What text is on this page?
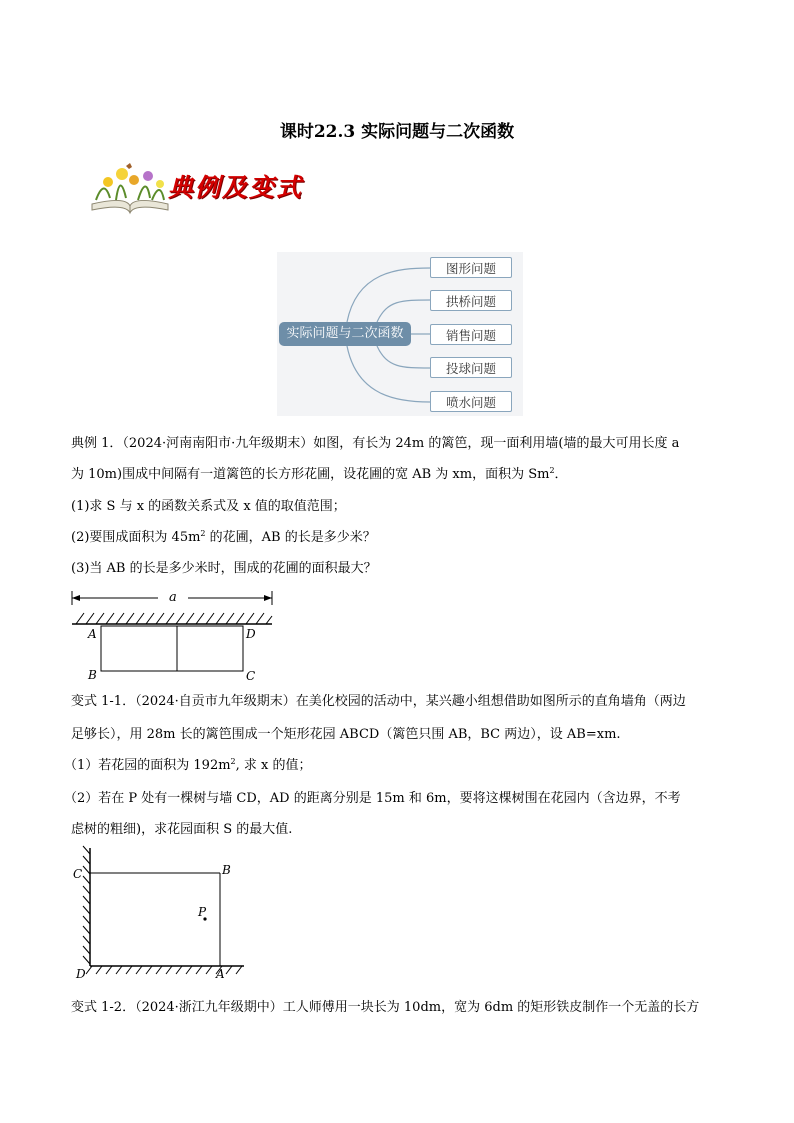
课时22.3 实际问题与二次函数
典例及变式
实际问题与二次函数
图形问题
拱桥问题
销售问题
投球问题
喷水问题
典例 1．（2024·河南南阳市·九年级期末）如图，有长为 24m 的篱笆，现一面利用墙(墙的最大可用长度 a
为 10m)围成中间隔有一道篱笆的长方形花圃，设花圃的宽 AB 为 xm，面积为 Sm$^2$．
(1)求 S 与 x 的函数关系式及 x 值的取值范围；
(2)要围成面积为 $45m^2$ 的花圃，AB 的长是多少米？
(3)当 AB 的长是多少米时，围成的花圃的面积最大？
a
A	D
B	C
变式 1-1．（2024·自贡市九年级期末）在美化校园的活动中，某兴趣小组想借助如图所示的直角墙角（两边
足够长），用 28m 长的篱笆围成一个矩形花园 ABCD（篱笆只围 AB，BC 两边），设 AB=xm.
（1）若花园的面积为 $192m^2$, 求 x 的值；
（2）若在 P 处有一棵树与墙 CD，AD 的距离分别是 15m 和 6m，要将这棵树围在花园内（含边界，不考
虑树的粗细)，求花园面积 S 的最大值.
C	B
P
D	A
变式 1-2．（2024·浙江九年级期中）工人师傅用一块长为 10dm，宽为 6dm 的矩形铁皮制作一个无盖的长方
